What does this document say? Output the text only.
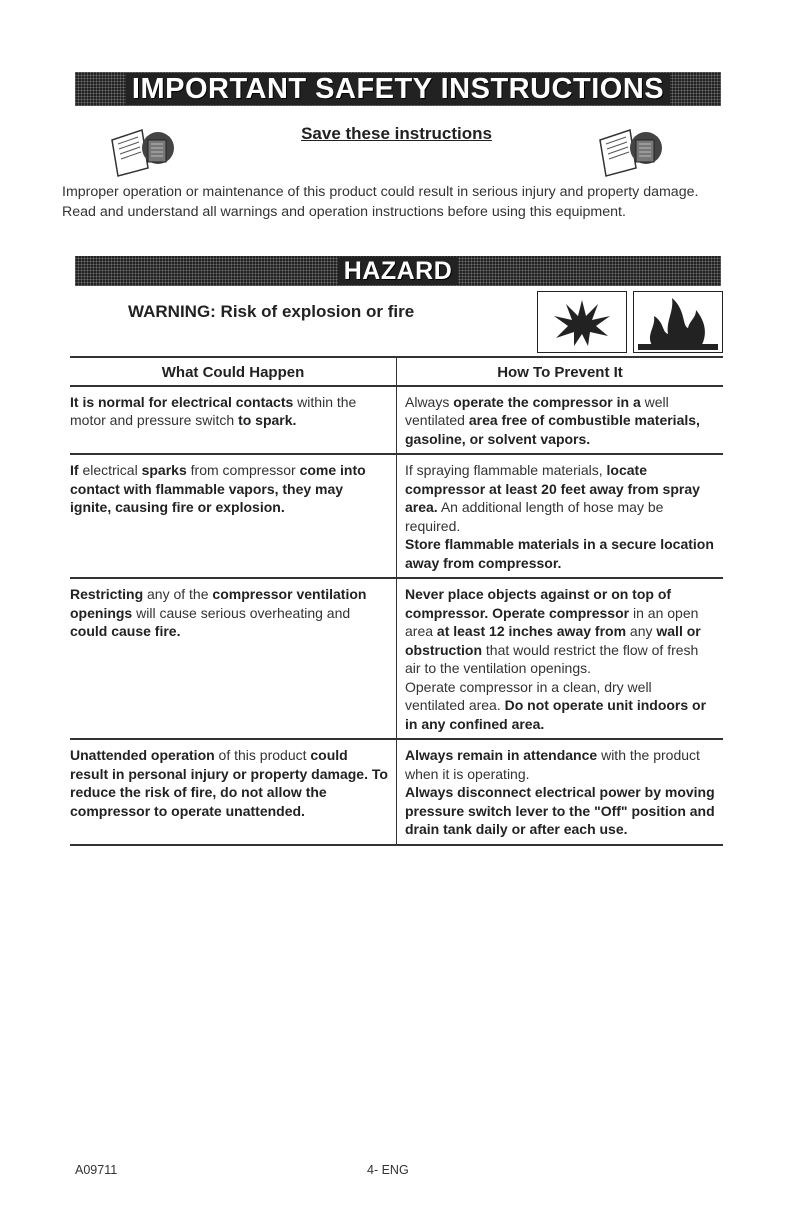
IMPORTANT SAFETY INSTRUCTIONS
Save these instructions

Improper operation or maintenance of this product could result in serious injury and property damage. Read and understand all warnings and operation instructions before using this equipment.

HAZARD
WARNING: Risk of explosion or fire
What Could Happen	How To Prevent It

It is normal for electrical contacts within the motor and pressure switch to spark.	Always operate the compressor in a well ventilated area free of combustible materials, gasoline, or solvent vapors.

If electrical sparks from compressor come into contact with flammable vapors, they may ignite, causing fire or explosion.	If spraying flammable materials, locate compressor at least 20 feet away from spray area. An additional length of hose may be required.

Store flammable materials in a secure location away from compressor.

Restricting any of the compressor ventilation openings will cause serious overheating and could cause fire.	Never place objects against or on top of compressor. Operate compressor in an open area at least 12 inches away from any wall or obstruction that would restrict the flow of fresh air to the ventilation openings.

Operate compressor in a clean, dry well ventilated area. Do not operate unit indoors or in any confined area.

Unattended operation of this product could result in personal injury or property damage. To reduce the risk of fire, do not allow the compressor to operate unattended.	Always remain in attendance with the product when it is operating.

Always disconnect electrical power by moving pressure switch lever to the "Off" position and drain tank daily or after each use.

A09711	4- ENG
